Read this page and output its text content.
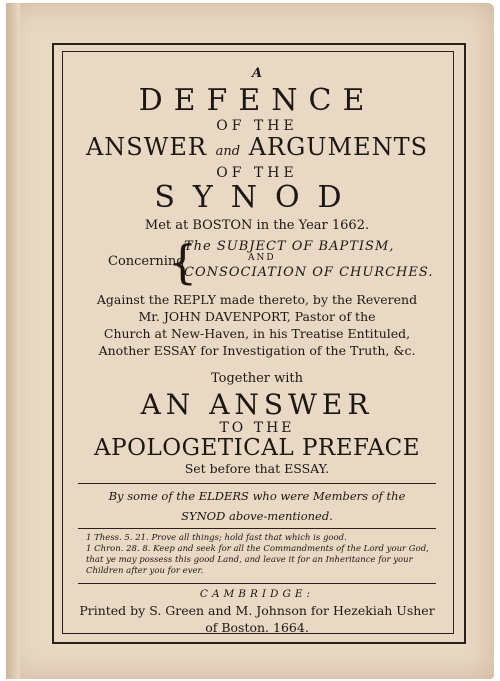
A
DEFENCE
OF THE
ANSWER and ARGUMENTS
OF THE
SYNOD
Met at BOSTON in the Year 1662.
Concerning
{
The SUBJECT OF BAPTISM,
AND
CONSOCIATION OF CHURCHES.
Against the REPLY made thereto, by the Reverend
Mr. JOHN DAVENPORT, Pastor of the
Church at New-Haven, in his Treatise Entituled,
Another ESSAY for Investigation of the Truth, &c.
Together with
AN ANSWER
TO THE
APOLOGETICAL PREFACE
Set before that ESSAY.
By some of the ELDERS who were Members of the
SYNOD above-mentioned.

1 Thess. 5. 21. Prove all things; hold fast that which is good.

1 Chron. 28. 8. Keep and seek for all the Commandments of the Lord your God, that ye may possess this good Land, and leave it for an Inheritance for your Children after you for ever.

CAMBRIDGE:
Printed by S. Green and M. Johnson for Hezekiah Usher
of Boston. 1664.
